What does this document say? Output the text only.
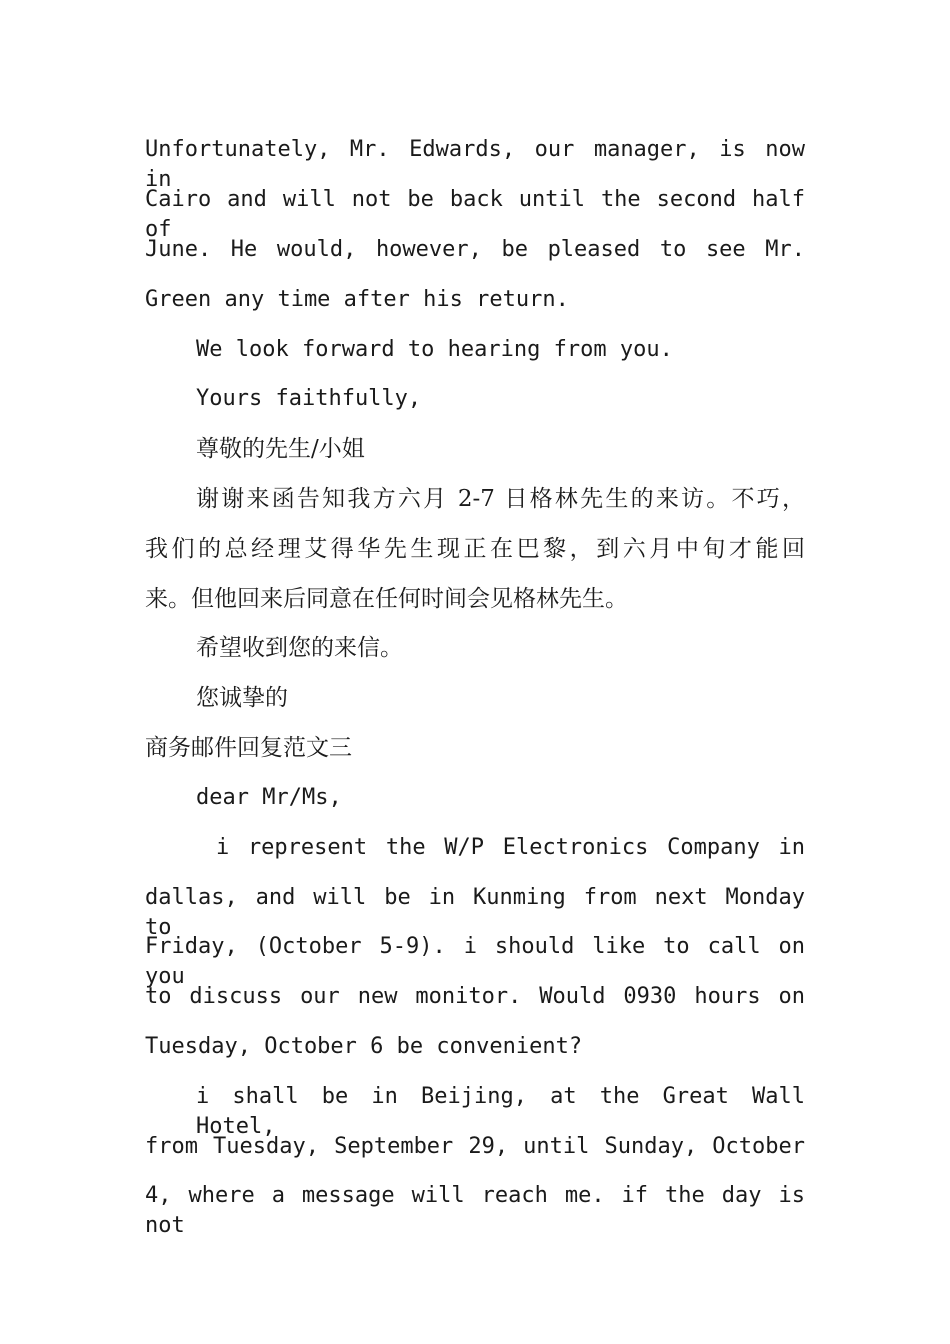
Unfortunately, Mr. Edwards, our manager, is now in
Cairo and will not be back until the second half of
June. He would, however, be pleased to see Mr.
Green any time after his return.
We look forward to hearing from you.
Yours faithfully,
尊敬的先生/小姐
谢谢来函告知我方六月 2-7 日格林先生的来访。不巧，
我们的总经理艾得华先生现正在巴黎，到六月中旬才能回
来。但他回来后同意在任何时间会见格林先生。
希望收到您的来信。
您诚挚的
商务邮件回复范文三
dear Mr/Ms,
i represent the W/P Electronics Company in
dallas, and will be in Kunming from next Monday to
Friday, (October 5-9). i should like to call on you
to discuss our new monitor. Would 0930 hours on
Tuesday, October 6 be convenient?
i shall be in Beijing, at the Great Wall Hotel,
from Tuesday, September 29, until Sunday, October
4, where a message will reach me. if the day is not
